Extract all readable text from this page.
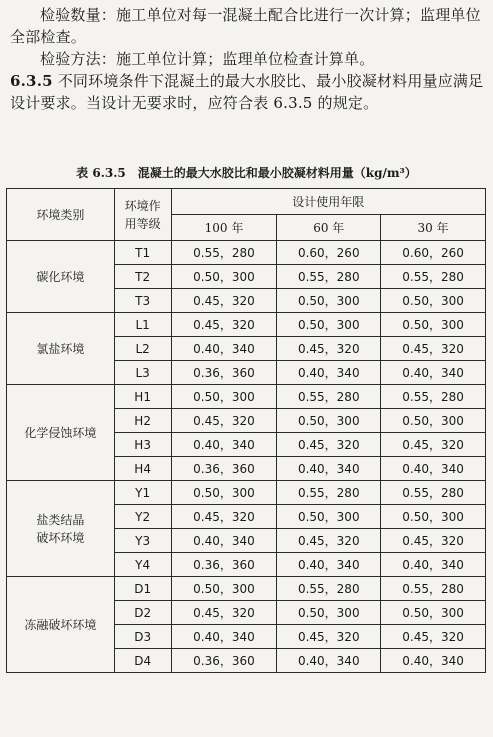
检验数量：施工单位对每一混凝土配合比进行一次计算；监理单位全部检查。
检验方法：施工单位计算；监理单位检查计算单。
6.3.5 不同环境条件下混凝土的最大水胶比、最小胶凝材料用量应满足设计要求。当设计无要求时，应符合表 6.3.5 的规定。
表 6.3.5　混凝土的最大水胶比和最小胶凝材料用量（kg/m³）
环境类别	环境作
用等级	设计使用年限		
		100 年	60 年	30 年
碳化环境	T1	0.55，280	0.60，260	0.60，260
	T2	0.50，300	0.55，280	0.55，280
	T3	0.45，320	0.50，300	0.50，300
氯盐环境	L1	0.45，320	0.50，300	0.50，300
	L2	0.40，340	0.45，320	0.45，320
	L3	0.36，360	0.40，340	0.40，340
化学侵蚀环境	H1	0.50，300	0.55，280	0.55，280
	H2	0.45，320	0.50，300	0.50，300
	H3	0.40，340	0.45，320	0.45，320
	H4	0.36，360	0.40，340	0.40，340

盐类结晶
破坏环境	Y1	0.50，300	0.55，280	0.55，280
	Y2	0.45，320	0.50，300	0.50，300
	Y3	0.40，340	0.45，320	0.45，320
	Y4	0.36，360	0.40，340	0.40，340
冻融破坏环境	D1	0.50，300	0.55，280	0.55，280
	D2	0.45，320	0.50，300	0.50，300
	D3	0.40，340	0.45，320	0.45，320
	D4	0.36，360	0.40，340	0.40，340
